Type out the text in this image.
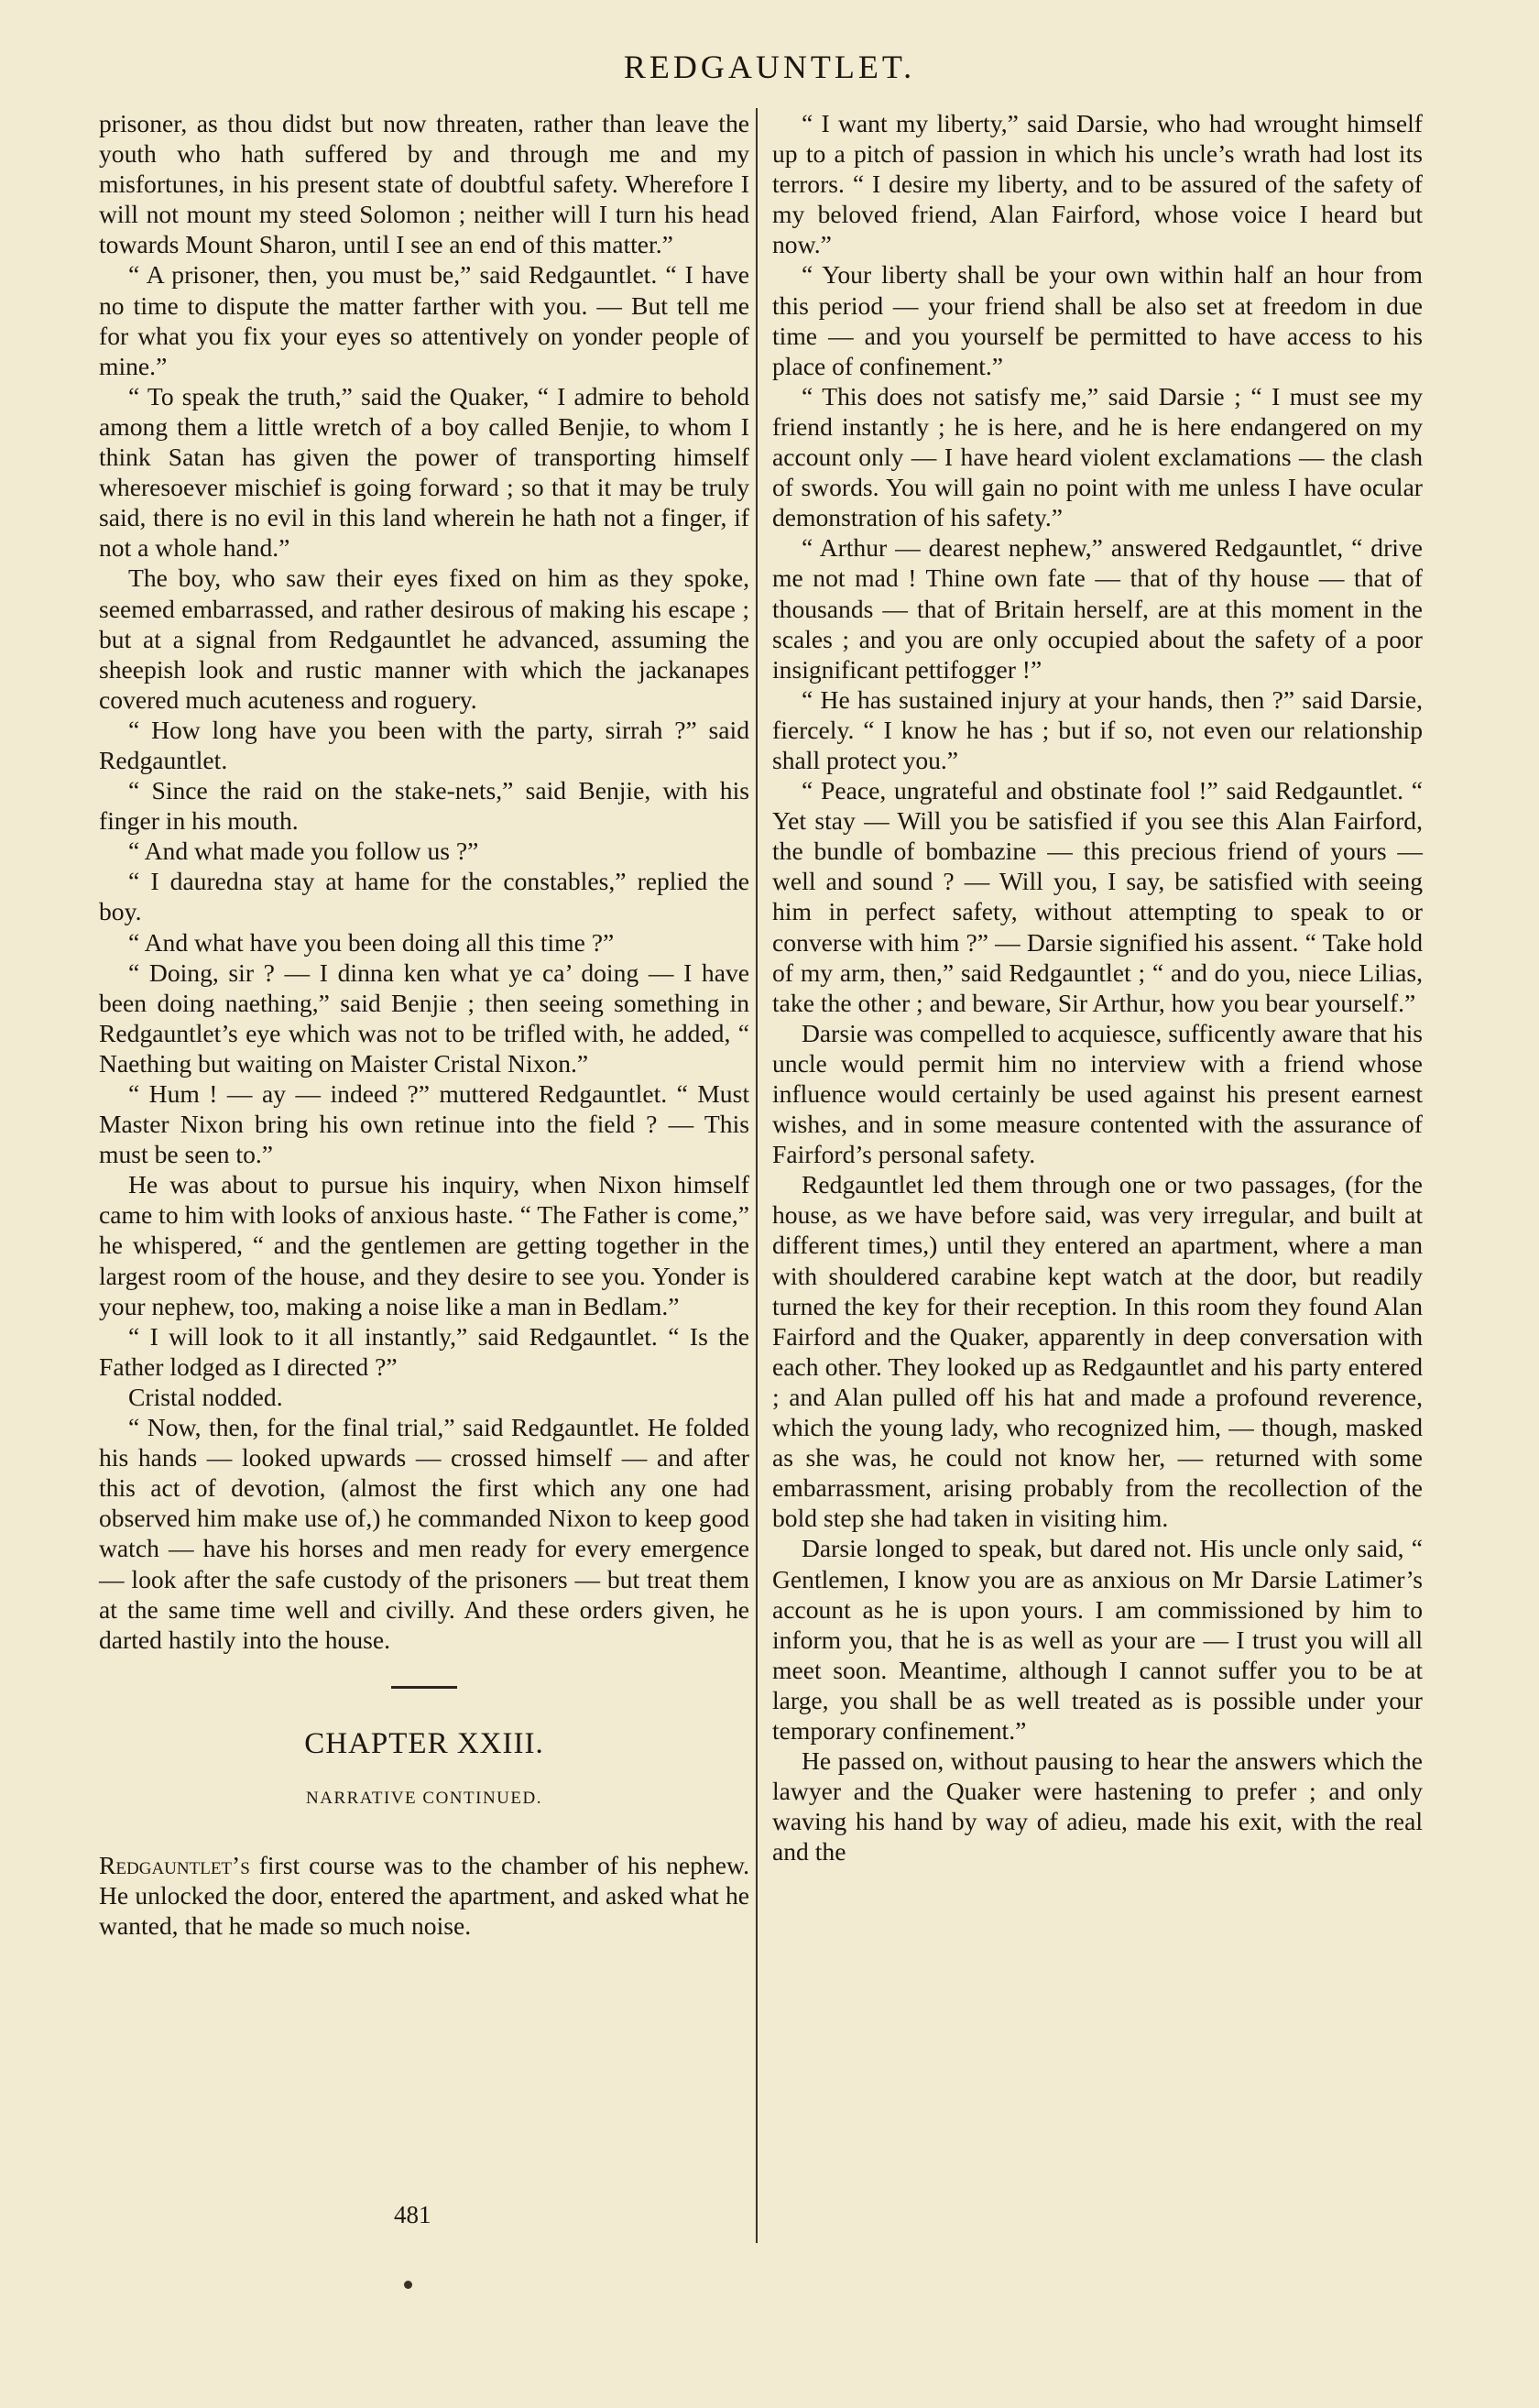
REDGAUNTLET.

prisoner, as thou didst but now threaten, rather than leave the youth who hath suffered by and through me and my misfortunes, in his present state of doubtful safety. Wherefore I will not mount my steed Solomon ; neither will I turn his head towards Mount Sharon, until I see an end of this matter.”

“ A prisoner, then, you must be,” said Redgauntlet. “ I have no time to dispute the matter farther with you. — But tell me for what you fix your eyes so attentively on yonder people of mine.”

“ To speak the truth,” said the Quaker, “ I admire to behold among them a little wretch of a boy called Benjie, to whom I think Satan has given the power of transporting himself wheresoever mischief is going forward ; so that it may be truly said, there is no evil in this land wherein he hath not a finger, if not a whole hand.”

The boy, who saw their eyes fixed on him as they spoke, seemed embarrassed, and rather desirous of making his escape ; but at a signal from Redgauntlet he advanced, assuming the sheepish look and rustic manner with which the jackanapes covered much acuteness and roguery.

“ How long have you been with the party, sirrah ?” said Redgauntlet.

“ Since the raid on the stake-nets,” said Benjie, with his finger in his mouth.

“ And what made you follow us ?”

“ I dauredna stay at hame for the constables,” replied the boy.

“ And what have you been doing all this time ?”

“ Doing, sir ? — I dinna ken what ye ca’ doing — I have been doing naething,” said Benjie ; then seeing something in Redgauntlet’s eye which was not to be trifled with, he added, “ Naething but waiting on Maister Cristal Nixon.”

“ Hum ! — ay — indeed ?” muttered Redgauntlet. “ Must Master Nixon bring his own retinue into the field ? — This must be seen to.”

He was about to pursue his inquiry, when Nixon himself came to him with looks of anxious haste. “ The Father is come,” he whispered, “ and the gentlemen are getting together in the largest room of the house, and they desire to see you. Yonder is your nephew, too, making a noise like a man in Bedlam.”

“ I will look to it all instantly,” said Redgauntlet. “ Is the Father lodged as I directed ?”

Cristal nodded.

“ Now, then, for the final trial,” said Redgauntlet. He folded his hands — looked upwards — crossed himself — and after this act of devotion, (almost the first which any one had observed him make use of,) he commanded Nixon to keep good watch — have his horses and men ready for every emergence — look after the safe custody of the prisoners — but treat them at the same time well and civilly. And these orders given, he darted hastily into the house.

CHAPTER XXIII.
NARRATIVE CONTINUED.

Redgauntlet’s first course was to the chamber of his nephew. He unlocked the door, entered the apartment, and asked what he wanted, that he made so much noise.

“ I want my liberty,” said Darsie, who had wrought himself up to a pitch of passion in which his uncle’s wrath had lost its terrors. “ I desire my liberty, and to be assured of the safety of my beloved friend, Alan Fairford, whose voice I heard but now.”

“ Your liberty shall be your own within half an hour from this period — your friend shall be also set at freedom in due time — and you yourself be permitted to have access to his place of confinement.”

“ This does not satisfy me,” said Darsie ; “ I must see my friend instantly ; he is here, and he is here endangered on my account only — I have heard violent exclamations — the clash of swords. You will gain no point with me unless I have ocular demonstration of his safety.”

“ Arthur — dearest nephew,” answered Redgauntlet, “ drive me not mad ! Thine own fate — that of thy house — that of thousands — that of Britain herself, are at this moment in the scales ; and you are only occupied about the safety of a poor insignificant pettifogger !”

“ He has sustained injury at your hands, then ?” said Darsie, fiercely. “ I know he has ; but if so, not even our relationship shall protect you.”

“ Peace, ungrateful and obstinate fool !” said Redgauntlet. “ Yet stay — Will you be satisfied if you see this Alan Fairford, the bundle of bombazine — this precious friend of yours — well and sound ? — Will you, I say, be satisfied with seeing him in perfect safety, without attempting to speak to or converse with him ?” — Darsie signified his assent. “ Take hold of my arm, then,” said Redgauntlet ; “ and do you, niece Lilias, take the other ; and beware, Sir Arthur, how you bear yourself.”

Darsie was compelled to acquiesce, sufficently aware that his uncle would permit him no interview with a friend whose influence would certainly be used against his present earnest wishes, and in some measure contented with the assurance of Fairford’s personal safety.

Redgauntlet led them through one or two passages, (for the house, as we have before said, was very irregular, and built at different times,) until they entered an apartment, where a man with shouldered carabine kept watch at the door, but readily turned the key for their reception. In this room they found Alan Fairford and the Quaker, apparently in deep conversation with each other. They looked up as Redgauntlet and his party entered ; and Alan pulled off his hat and made a profound reverence, which the young lady, who recognized him, — though, masked as she was, he could not know her, — returned with some embarrassment, arising probably from the recollection of the bold step she had taken in visiting him.

Darsie longed to speak, but dared not. His uncle only said, “ Gentlemen, I know you are as anxious on Mr Darsie Latimer’s account as he is upon yours. I am commissioned by him to inform you, that he is as well as your are — I trust you will all meet soon. Meantime, although I cannot suffer you to be at large, you shall be as well treated as is possible under your temporary confinement.”

He passed on, without pausing to hear the answers which the lawyer and the Quaker were hastening to prefer ; and only waving his hand by way of adieu, made his exit, with the real and the

481
